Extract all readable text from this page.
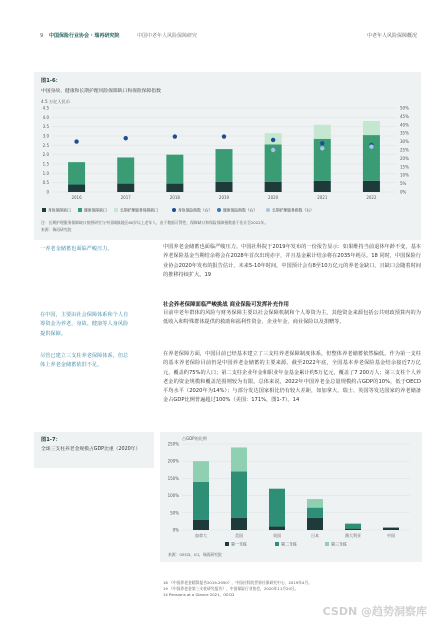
9 中国保险行业协会 · 瑞再研究院	中国中老年人风险保障研究	中老年人风险保障概况
图1-6：
中国身故、健康和长期护理风险保障缺口和保险保障指数
4.5 万亿人民币
0
0.5
1.0
1.5
2.0
2.5
3.0
3.5
4.0
4.5
0%
5%
10%
15%
20%
25%
30%
35%
40%
45%
50%
2016	2017	2018	2019	2020	2021	2022
身故保障缺口	健康保障缺口	长期护理服务保障缺口	身故保险指数（右）	健康保险指数（右）	长期护理服务指数（右）
注：长期护理服务保障缺口按照研究与中国城镇地区60岁以上老年人、由于数据可得性，保障缺口和保险保障指数基于估计至2022年。
来源：瑞再研究院
一养老金储蓄也面临严峻压力。	中国养老金储蓄也面临严峻压力。中国社科院于2019年发布的一份报告显示：如果维持当前退休年龄不变，基本养老保险基金当期结余将会在2028年首次出现赤字，并且基金累计结余将在2035年耗尽。18 同时，中国保险行业协会2020年发布的报告估计，未来5-10年时间，中国预计会有8至10万亿元的养老金缺口，且缺口会随着时间的推移持续扩大。19
社会养老保障面临严峻挑战 商业保险可发挥补充作用
在中国，主要由社会保障体系和个人自筹资金为养老、身故、健康等人身风险提供保障。
目前中老年群体的风险与财务保障主要以社会保障机制和个人筹资为主，其他资金来源包括公共财政预算内的为低收入和特殊群体提供的救助和福利性资金、企业年金、商业保险以及捐赠等。
尽管已建立三支柱养老保障体系，但总体上养老金储蓄依旧不足。
在养老保障方面，中国目前已经基本建立了三支柱养老保障制度体系，但整体养老储蓄依然偏低。作为第一支柱的基本养老保险目前仍是中国养老金储蓄的主要来源。截至2022年底，全国基本养老保险基金结余接近7万亿元，覆盖约75%的人口；第二支柱企业年金和职业年金基金累计约5万亿元，覆盖了7 200万人；第三支柱个人养老金的资金规模和覆盖范围则较为有限。总体来说，2022年中国养老金总量规模约占GDP的10%，低于OECD平均水平（2020年为14%）；与部分发达国家相比仍有较大差距，如加拿大、瑞士、英国等发达国家的养老储备金占GDP比例普遍超过100%（美国：171%，图1-7）。14
图1-7：
全球三支柱养老金规模占GDP比重（2020年）
占GDP的比例
0%
50%
100%
150%
200%
250%
加拿大	美国	英国	日本	澳大利亚	中国
第一支柱	第二支柱	第三支柱
来源：OECD，ICI，瑞再研究院
18 《中国养老金精算报告2019-2050》，中国社科院世界社保研究中心，2019年4月。
19 《中国养老金第三支柱研究报告》，中国保险行业协会，2020年11月20日。
14 Pensions at a Glance 2021，OECD
CSDN @趋势洞察库
